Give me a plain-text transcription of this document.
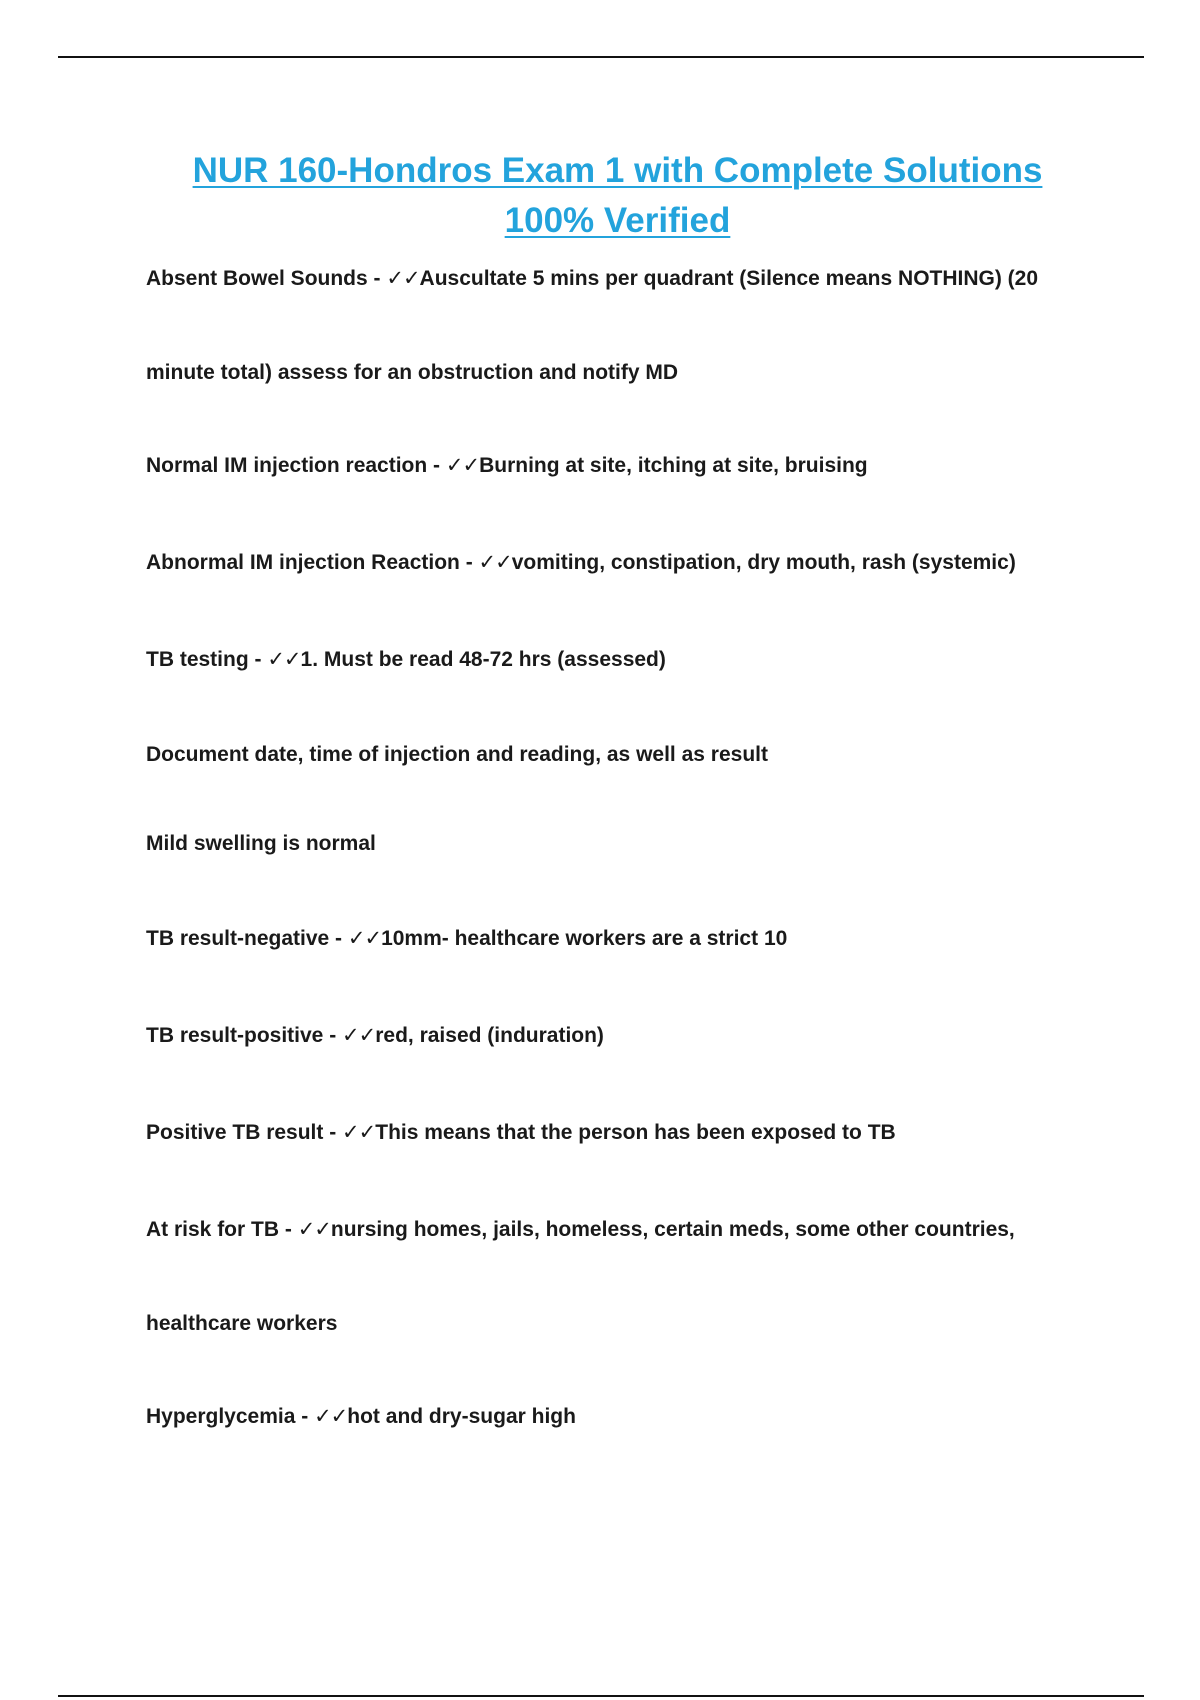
NUR 160-Hondros Exam 1 with Complete Solutions
100% Verified

Absent Bowel Sounds - ✓✓Auscultate 5 mins per quadrant (Silence means NOTHING) (20

minute total) assess for an obstruction and notify MD

Normal IM injection reaction - ✓✓Burning at site, itching at site, bruising

Abnormal IM injection Reaction - ✓✓vomiting, constipation, dry mouth, rash (systemic)

TB testing - ✓✓1. Must be read 48-72 hrs (assessed)

Document date, time of injection and reading, as well as result

Mild swelling is normal

TB result-negative - ✓✓10mm- healthcare workers are a strict 10

TB result-positive - ✓✓red, raised (induration)

Positive TB result - ✓✓This means that the person has been exposed to TB

At risk for TB - ✓✓nursing homes, jails, homeless, certain meds, some other countries,

healthcare workers

Hyperglycemia - ✓✓hot and dry-sugar high
